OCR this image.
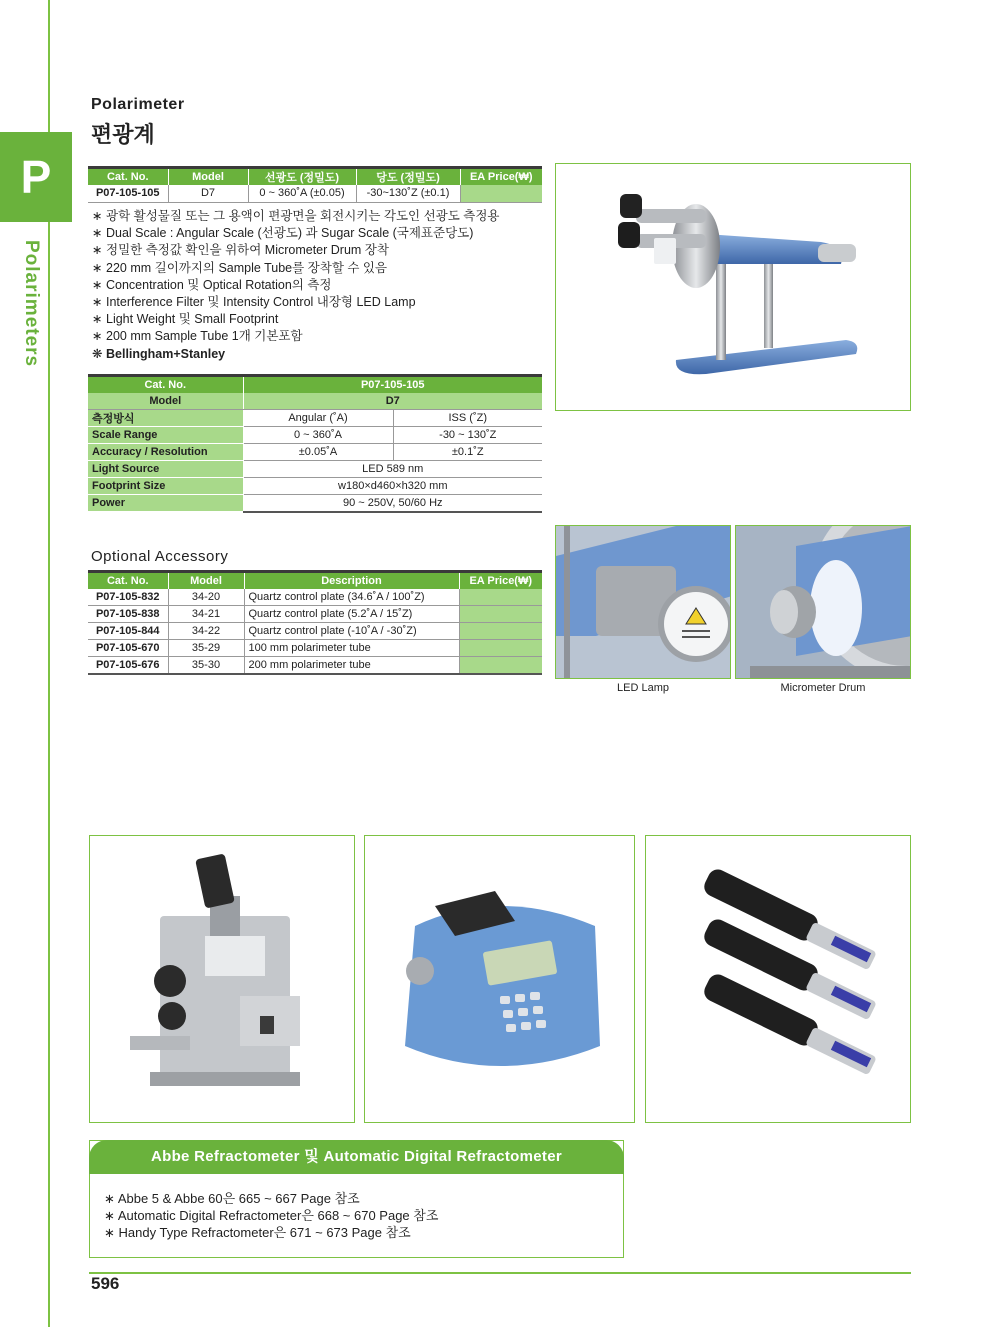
P
Polarimeters
Polarimeter
편광계
Cat. No.	Model	선광도 (정밀도)	당도 (정밀도)	EA Price(₩)
P07-105-105	D7	0 ~ 360˚A (±0.05)	-30~130˚Z (±0.1)	
∗ 광학 활성물질 또는 그 용액이 편광면을 회전시키는 각도인 선광도 측정용
∗ Dual Scale : Angular Scale (선광도) 과 Sugar Scale (국제표준당도)
∗ 정밀한 측정값 확인을 위하여 Micrometer Drum 장착
∗ 220 mm 길이까지의 Sample Tube를 장착할 수 있음
∗ Concentration 및 Optical Rotation의 측정
∗ Interference Filter 및 Intensity Control 내장형 LED Lamp
∗ Light Weight 및 Small Footprint
∗ 200 mm Sample Tube 1개 기본포함
❋ Bellingham+Stanley
Cat. No.	P07-105-105	
Model	D7	
측정방식	Angular (˚A)	ISS (˚Z)
Scale Range	0 ~ 360˚A	-30 ~ 130˚Z
Accuracy / Resolution	±0.05˚A	±0.1˚Z
Light Source	LED 589 nm	
Footprint Size	w180×d460×h320 mm	
Power	90 ~ 250V, 50/60 Hz	
Optional Accessory
Cat. No.	Model	Description	EA Price(₩)
P07-105-832	34-20	Quartz control plate (34.6˚A / 100˚Z)	
P07-105-838	34-21	Quartz control plate (5.2˚A / 15˚Z)	
P07-105-844	34-22	Quartz control plate (-10˚A / -30˚Z)	
P07-105-670	35-29	100 mm polarimeter tube	
P07-105-676	35-30	200 mm polarimeter tube	
LED Lamp	Micrometer Drum
Abbe Refractometer 및 Automatic Digital Refractometer
∗ Abbe 5 & Abbe 60은 665 ~ 667 Page 참조
∗ Automatic Digital Refractometer은 668 ~ 670 Page 참조
∗ Handy Type Refractometer은 671 ~ 673 Page 참조
596
